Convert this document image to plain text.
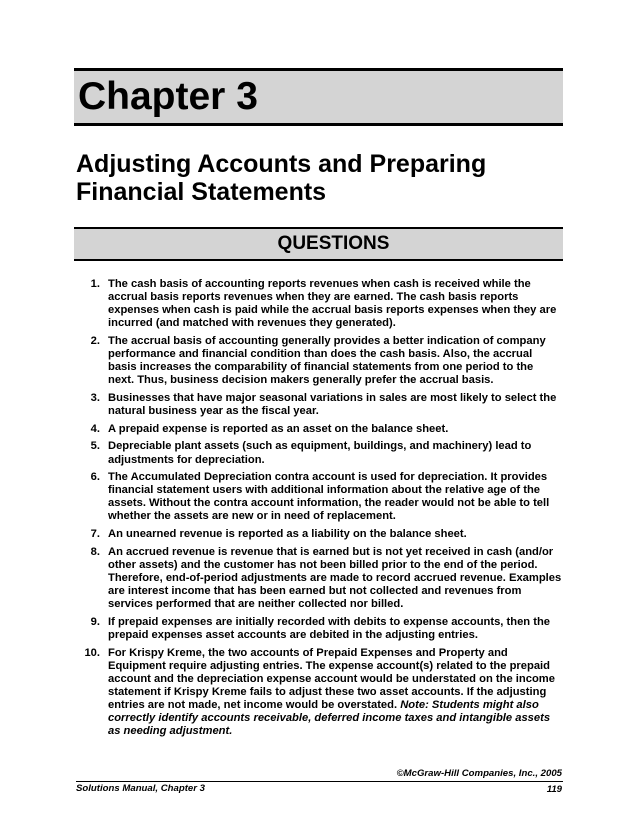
Chapter 3
Adjusting Accounts and Preparing Financial Statements
QUESTIONS
1. The cash basis of accounting reports revenues when cash is received while the accrual basis reports revenues when they are earned. The cash basis reports expenses when cash is paid while the accrual basis reports expenses when they are incurred (and matched with revenues they generated).
2. The accrual basis of accounting generally provides a better indication of company performance and financial condition than does the cash basis. Also, the accrual basis increases the comparability of financial statements from one period to the next. Thus, business decision makers generally prefer the accrual basis.
3. Businesses that have major seasonal variations in sales are most likely to select the natural business year as the fiscal year.
4. A prepaid expense is reported as an asset on the balance sheet.
5. Depreciable plant assets (such as equipment, buildings, and machinery) lead to adjustments for depreciation.
6. The Accumulated Depreciation contra account is used for depreciation. It provides financial statement users with additional information about the relative age of the assets. Without the contra account information, the reader would not be able to tell whether the assets are new or in need of replacement.
7. An unearned revenue is reported as a liability on the balance sheet.
8. An accrued revenue is revenue that is earned but is not yet received in cash (and/or other assets) and the customer has not been billed prior to the end of the period. Therefore, end-of-period adjustments are made to record accrued revenue. Examples are interest income that has been earned but not collected and revenues from services performed that are neither collected nor billed.
9. If prepaid expenses are initially recorded with debits to expense accounts, then the prepaid expenses asset accounts are debited in the adjusting entries.
10. For Krispy Kreme, the two accounts of Prepaid Expenses and Property and Equipment require adjusting entries. The expense account(s) related to the prepaid account and the depreciation expense account would be understated on the income statement if Krispy Kreme fails to adjust these two asset accounts. If the adjusting entries are not made, net income would be overstated. Note: Students might also correctly identify accounts receivable, deferred income taxes and intangible assets as needing adjustment.
©McGraw-Hill Companies, Inc., 2005
Solutions Manual, Chapter 3	119
